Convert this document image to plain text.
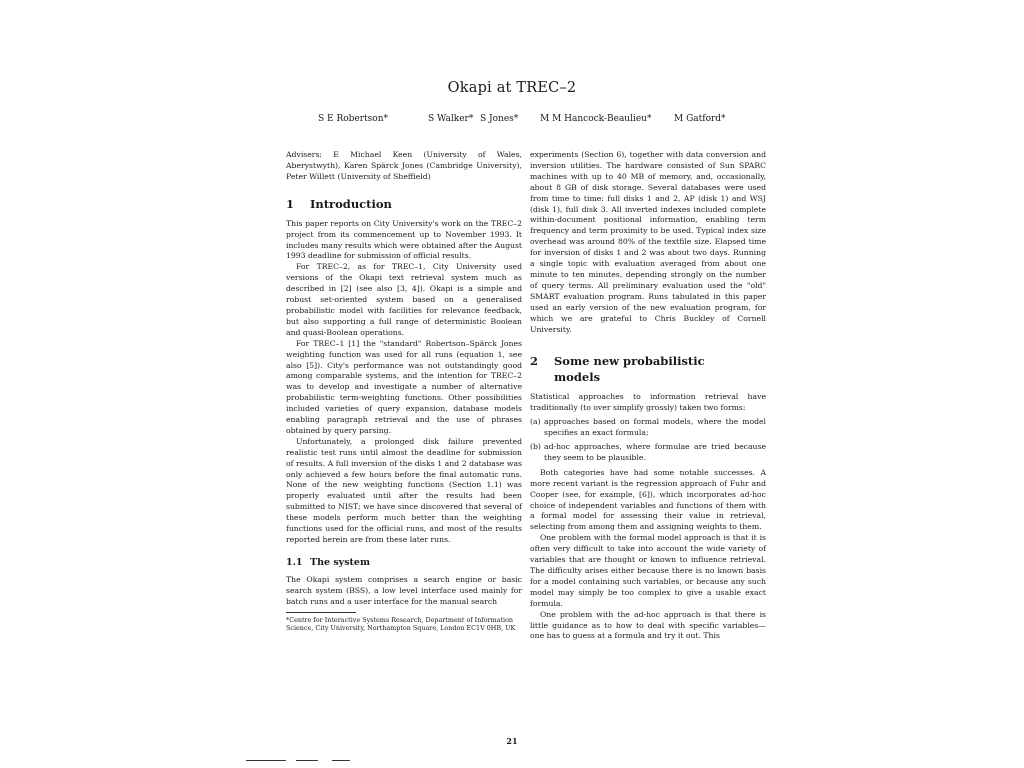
Okapi at TREC–2
S E Robertson*	S Walker* S Jones* M M Hancock-Beaulieu*	M Gatford*

Advisers: E Michael Keen (University of Wales, Aberystwyth), Karen Spärck Jones (Cambridge University), Peter Willett (University of Sheffield)

1	Introduction

This paper reports on City University's work on the TREC–2 project from its commencement up to November 1993. It includes many results which were obtained after the August 1993 deadline for submission of official results.

For TREC–2, as for TREC–1, City University used versions of the Okapi text retrieval system much as described in [2] (see also [3, 4]). Okapi is a simple and robust set-oriented system based on a generalised probabilistic model with facilities for relevance feedback, but also supporting a full range of deterministic Boolean and quasi-Boolean operations.

For TREC–1 [1] the "standard" Robertson–Spärck Jones weighting function was used for all runs (equation 1, see also [5]). City's performance was not outstandingly good among comparable systems, and the intention for TREC–2 was to develop and investigate a number of alternative probabilistic term-weighting functions. Other possibilities included varieties of query expansion, database models enabling paragraph retrieval and the use of phrases obtained by query parsing.

Unfortunately, a prolonged disk failure prevented realistic test runs until almost the deadline for submission of results. A full inversion of the disks 1 and 2 database was only achieved a few hours before the final automatic runs. None of the new weighting functions (Section 1.1) was properly evaluated until after the results had been submitted to NIST; we have since discovered that several of these models perform much better than the weighting functions used for the official runs, and most of the results reported herein are from these later runs.

1.1 The system

The Okapi system comprises a search engine or basic search system (BSS), a low level interface used mainly for batch runs and a user interface for the manual search

*Centre for Interactive Systems Research, Department of Information Science, City University, Northampton Square, London EC1V 0HB, UK

experiments (Section 6), together with data conversion and inversion utilities. The hardware consisted of Sun SPARC machines with up to 40 MB of memory, and, occasionally, about 8 GB of disk storage. Several databases were used from time to time: full disks 1 and 2, AP (disk 1) and WSJ (disk 1), full disk 3. All inverted indexes included complete within-document positional information, enabling term frequency and term proximity to be used. Typical index size overhead was around 80% of the textfile size. Elapsed time for inversion of disks 1 and 2 was about two days. Running a single topic with evaluation averaged from about one minute to ten minutes, depending strongly on the number of query terms. All preliminary evaluation used the "old" SMART evaluation program. Runs tabulated in this paper used an early version of the new evaluation program, for which we are grateful to Chris Buckley of Cornell University.

2	Some new probabilistic
models

Statistical approaches to information retrieval have traditionally (to over simplify grossly) taken two forms:

(a) approaches based on formal models, where the model specifies an exact formula;
(b) ad-hoc approaches, where formulae are tried because they seem to be plausible.

Both categories have had some notable successes. A more recent variant is the regression approach of Fuhr and Cooper (see, for example, [6]), which incorporates ad-hoc choice of independent variables and functions of them with a formal model for assessing their value in retrieval, selecting from among them and assigning weights to them.

One problem with the formal model approach is that it is often very difficult to take into account the wide variety of variables that are thought or known to influence retrieval. The difficulty arises either because there is no known basis for a model containing such variables, or because any such model may simply be too complex to give a usable exact formula.

One problem with the ad-hoc approach is that there is little guidance as to how to deal with specific variables—one has to guess at a formula and try it out. This

21
